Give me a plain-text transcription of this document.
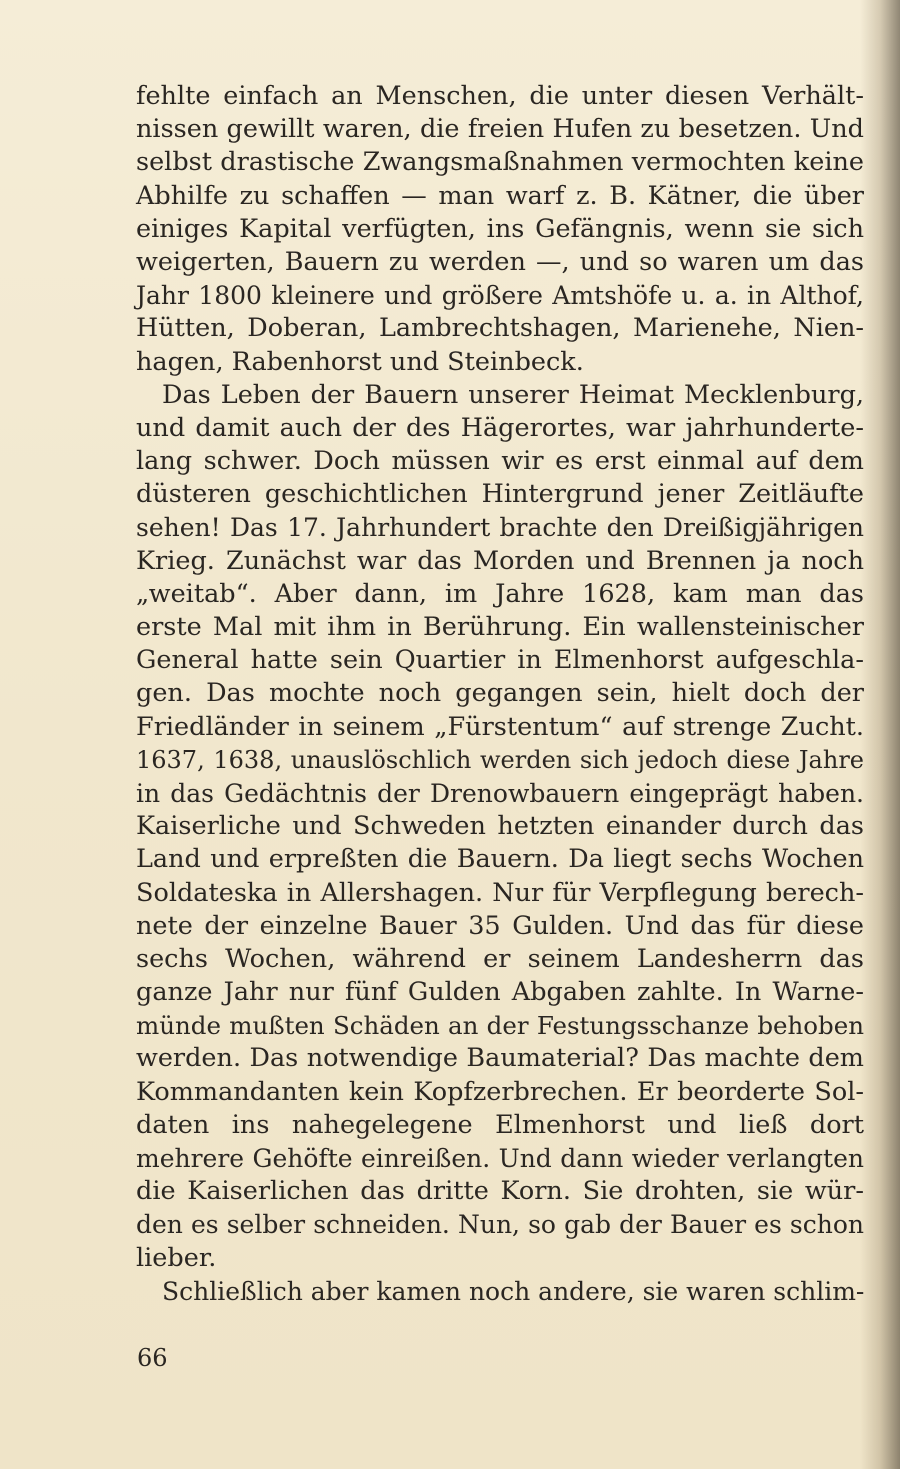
fehlte einfach an Menschen, die unter diesen Verhält-
nissen gewillt waren, die freien Hufen zu besetzen. Und
selbst drastische Zwangsmaßnahmen vermochten keine
Abhilfe zu schaffen — man warf z. B. Kätner, die über
einiges Kapital verfügten, ins Gefängnis, wenn sie sich
weigerten, Bauern zu werden —, und so waren um das
Jahr 1800 kleinere und größere Amtshöfe u. a. in Althof,
Hütten, Doberan, Lambrechtshagen, Marienehe, Nien-
hagen, Rabenhorst und Steinbeck.
Das Leben der Bauern unserer Heimat Mecklenburg,
und damit auch der des Hägerortes, war jahrhunderte-
lang schwer. Doch müssen wir es erst einmal auf dem
düsteren geschichtlichen Hintergrund jener Zeitläufte
sehen! Das 17. Jahrhundert brachte den Dreißigjährigen
Krieg. Zunächst war das Morden und Brennen ja noch
„weitab“. Aber dann, im Jahre 1628, kam man das
erste Mal mit ihm in Berührung. Ein wallensteinischer
General hatte sein Quartier in Elmenhorst aufgeschla-
gen. Das mochte noch gegangen sein, hielt doch der
Friedländer in seinem „Fürstentum“ auf strenge Zucht.
1637, 1638, unauslöschlich werden sich jedoch diese Jahre
in das Gedächtnis der Drenowbauern eingeprägt haben.
Kaiserliche und Schweden hetzten einander durch das
Land und erpreßten die Bauern. Da liegt sechs Wochen
Soldateska in Allershagen. Nur für Verpflegung berech-
nete der einzelne Bauer 35 Gulden. Und das für diese
sechs Wochen, während er seinem Landesherrn das
ganze Jahr nur fünf Gulden Abgaben zahlte. In Warne-
münde mußten Schäden an der Festungsschanze behoben
werden. Das notwendige Baumaterial? Das machte dem
Kommandanten kein Kopfzerbrechen. Er beorderte Sol-
daten ins nahegelegene Elmenhorst und ließ dort
mehrere Gehöfte einreißen. Und dann wieder verlangten
die Kaiserlichen das dritte Korn. Sie drohten, sie wür-
den es selber schneiden. Nun, so gab der Bauer es schon
lieber.
Schließlich aber kamen noch andere, sie waren schlim-
66
